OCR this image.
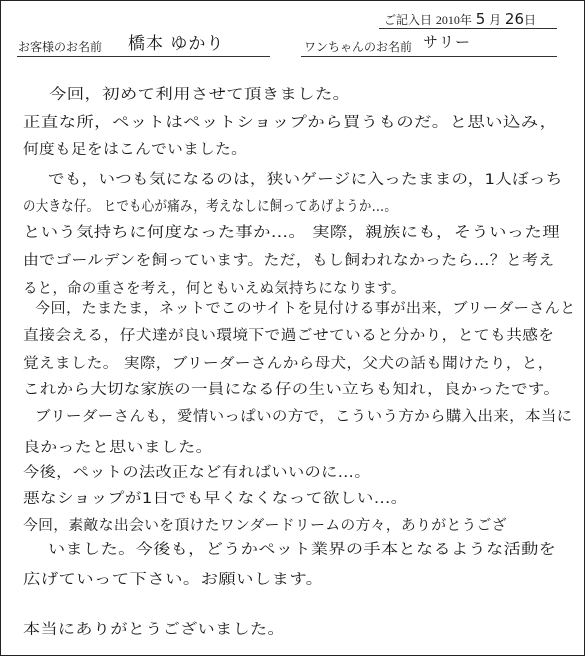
ご記入日 2010年 5 月 26日
お客様のお名前 橋本 ゆかり	ワンちゃんのお名前 サリー
今回，初めて利用させて頂きました。
正直な所，ペットはペットショップから買うものだ。と思い込み，
何度も足をはこんでいました。
でも，いつも気になるのは，狭いゲージに入ったままの，1人ぼっち
の大きな仔。 ヒでも心が痛み，考えなしに飼ってあげようか…。
という気持ちに何度なった事か…。 実際，親族にも，そういった理
由でゴールデンを飼っています。ただ，もし飼われなかったら…？と考え
ると，命の重さを考え，何ともいえぬ気持ちになります。
今回，たまたま，ネットでこのサイトを見付ける事が出来，ブリーダーさんと
直接会える，仔犬達が良い環境下で過ごせていると分かり，とても共感を
覚えました。 実際，ブリーダーさんから母犬，父犬の話も聞けたり，と，
これから大切な家族の一員になる仔の生い立ちも知れ，良かったです。
ブリーダーさんも，愛情いっぱいの方で，こういう方から購入出来，本当に
良かったと思いました。
今後，ペットの法改正など有ればいいのに…。
悪なショップが1日でも早くなくなって欲しい…。
今回，素敵な出会いを頂けたワンダードリームの方々，ありがとうござ
いました。今後も，どうかペット業界の手本となるような活動を
広げていって下さい。お願いします。
本当にありがとうございました。
